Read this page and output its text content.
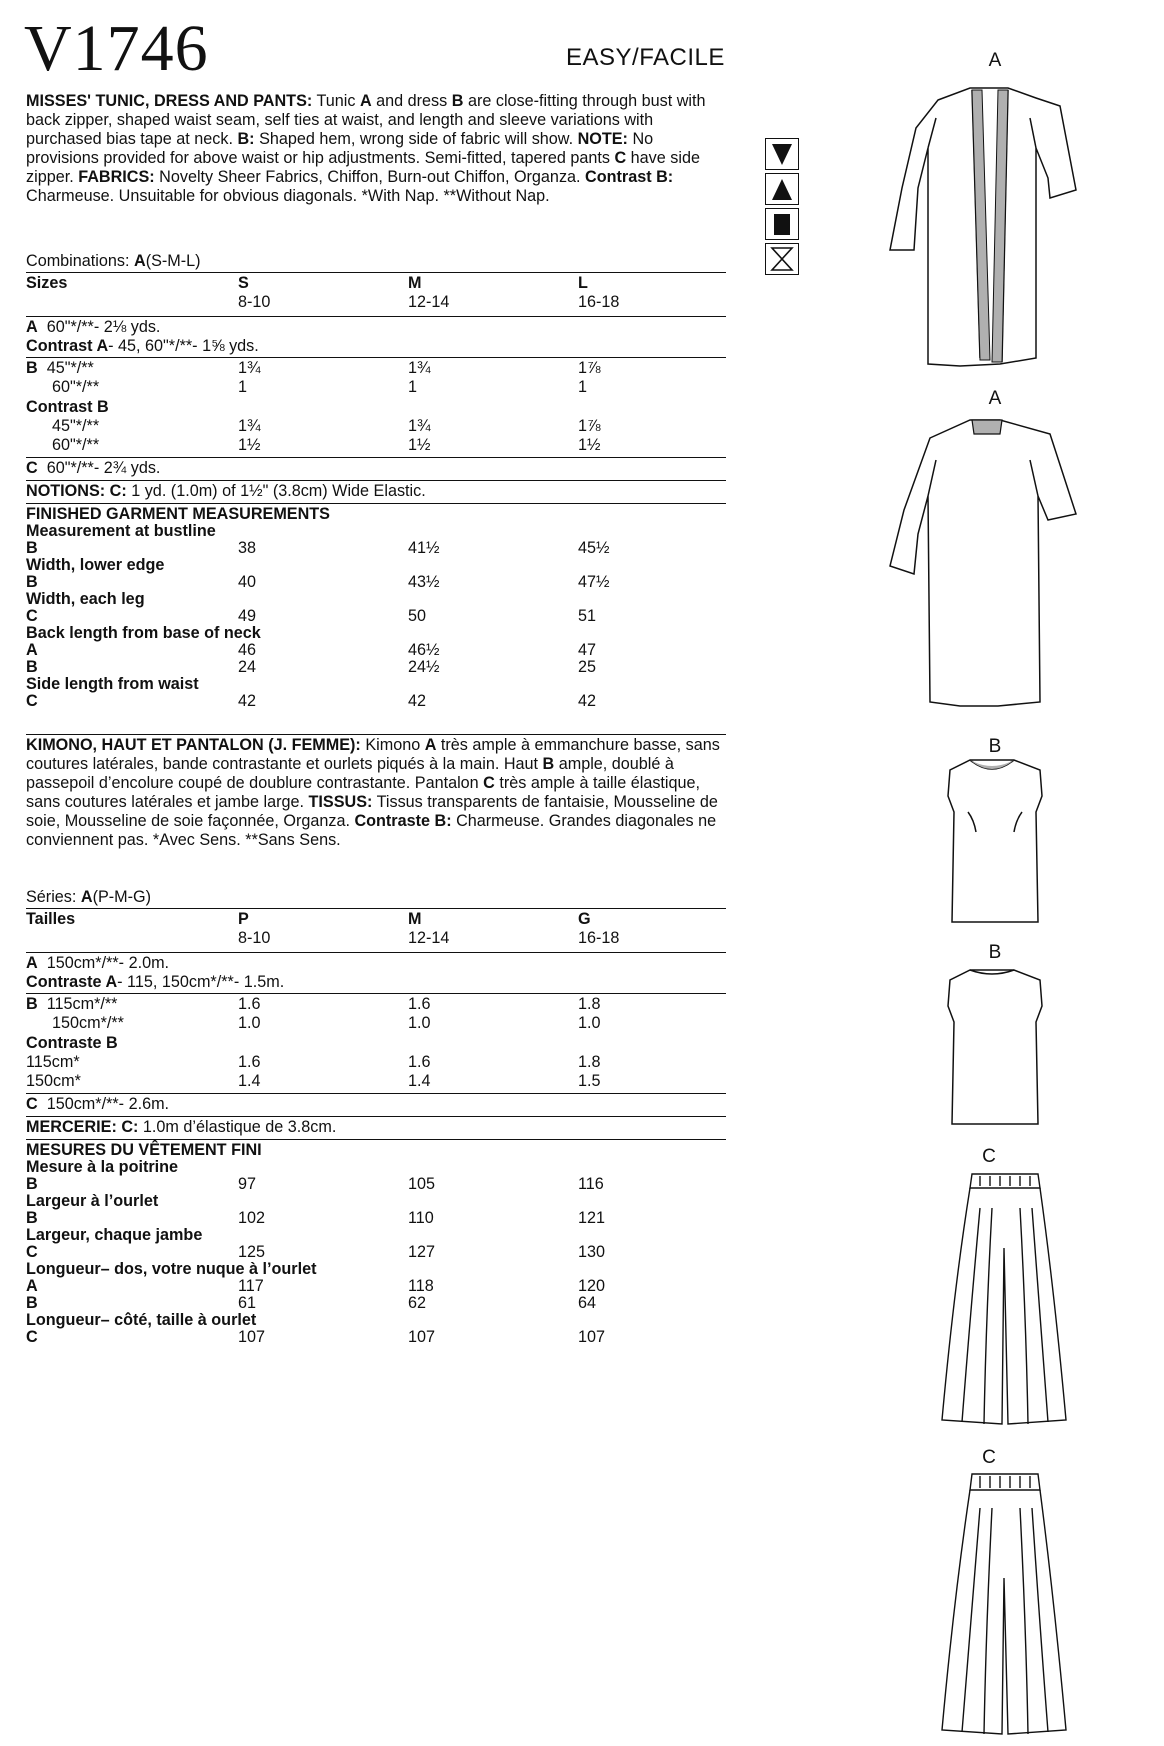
V1746	EASY/FACILE

MISSES' TUNIC, DRESS AND PANTS: Tunic A and dress B are close-fitting through bust with back zipper, shaped waist seam, self ties at waist, and length and sleeve variations with purchased bias tape at neck. B: Shaped hem, wrong side of fabric will show. NOTE: No provisions provided for above waist or hip adjustments. Semi-fitted, tapered pants C have side zipper. FABRICS: Novelty Sheer Fabrics, Chiffon, Burn-out Chiffon, Organza. Contrast B: Charmeuse. Unsuitable for obvious diagonals. *With Nap. **Without Nap.

Combinations: A(S-M-L)
Sizes	S	M	L
8-10	12-14	16-18
A  60"*/**- 2⅛ yds.
Contrast A- 45, 60"*/**- 1⅝ yds.
B  45"*/**	1¾	1¾	1⅞
60"*/**	1	1	1
Contrast B
45"*/**	1¾	1¾	1⅞
60"*/**	1½	1½	1½
C  60"*/**- 2¾ yds.
NOTIONS: C: 1 yd. (1.0m) of 1½" (3.8cm) Wide Elastic.
FINISHED GARMENT MEASUREMENTS
Measurement at bustline
B	38	41½	45½
Width, lower edge
B	40	43½	47½
Width, each leg
C	49	50	51
Back length from base of neck
A	46	46½	47
B	24	24½	25
Side length from waist
C	42	42	42

KIMONO, HAUT ET PANTALON (J. FEMME): Kimono A très ample à emmanchure basse, sans coutures latérales, bande contrastante et ourlets piqués à la main. Haut B ample, doublé à passepoil d’encolure coupé de doublure contrastante. Pantalon C très ample à taille élastique, sans coutures latérales et jambe large. TISSUS: Tissus transparents de fantaisie, Mousseline de soie, Mousseline de soie façonnée, Organza. Contraste B: Charmeuse. Grandes diagonales ne conviennent pas. *Avec Sens. **Sans Sens.

Séries: A(P-M-G)
Tailles	P	M	G
8-10	12-14	16-18
A  150cm*/**- 2.0m.
Contraste A- 115, 150cm*/**- 1.5m.
B  115cm*/**	1.6	1.6	1.8
150cm*/**	1.0	1.0	1.0
Contraste B
115cm*	1.6	1.6	1.8
150cm*	1.4	1.4	1.5
C  150cm*/**- 2.6m.
MERCERIE: C: 1.0m d’élastique de 3.8cm.
MESURES DU VÊTEMENT FINI
Mesure à la poitrine
B	97	105	116
Largeur à l’ourlet
B	102	110	121
Largeur, chaque jambe
C	125	127	130
Longueur– dos, votre nuque à l’ourlet
A	117	118	120
B	61	62	64
Longueur– côté, taille à ourlet
C	107	107	107
A
A
B
B
C
C
